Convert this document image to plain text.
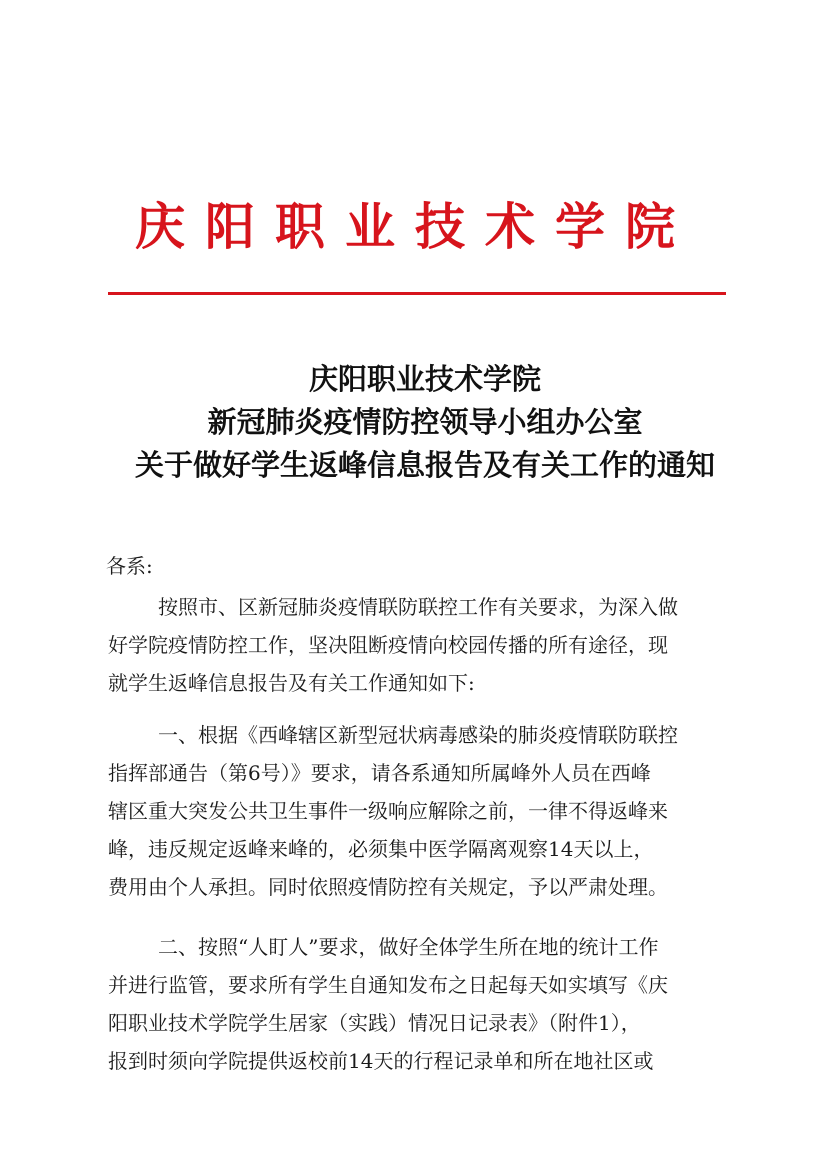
庆阳职业技术学院
庆阳职业技术学院
新冠肺炎疫情防控领导小组办公室
关于做好学生返峰信息报告及有关工作的通知
各系:
按照市、区新冠肺炎疫情联防联控工作有关要求，为深入做
好学院疫情防控工作，坚决阻断疫情向校园传播的所有途径，现
就学生返峰信息报告及有关工作通知如下:
一、根据《西峰辖区新型冠状病毒感染的肺炎疫情联防联控
指挥部通告（第6号）》要求，请各系通知所属峰外人员在西峰
辖区重大突发公共卫生事件一级响应解除之前，一律不得返峰来
峰，违反规定返峰来峰的，必须集中医学隔离观察14天以上，
费用由个人承担。同时依照疫情防控有关规定，予以严肃处理。
二、按照“人盯人”要求，做好全体学生所在地的统计工作
并进行监管，要求所有学生自通知发布之日起每天如实填写《庆
阳职业技术学院学生居家（实践）情况日记录表》（附件1），
报到时须向学院提供返校前14天的行程记录单和所在地社区或
